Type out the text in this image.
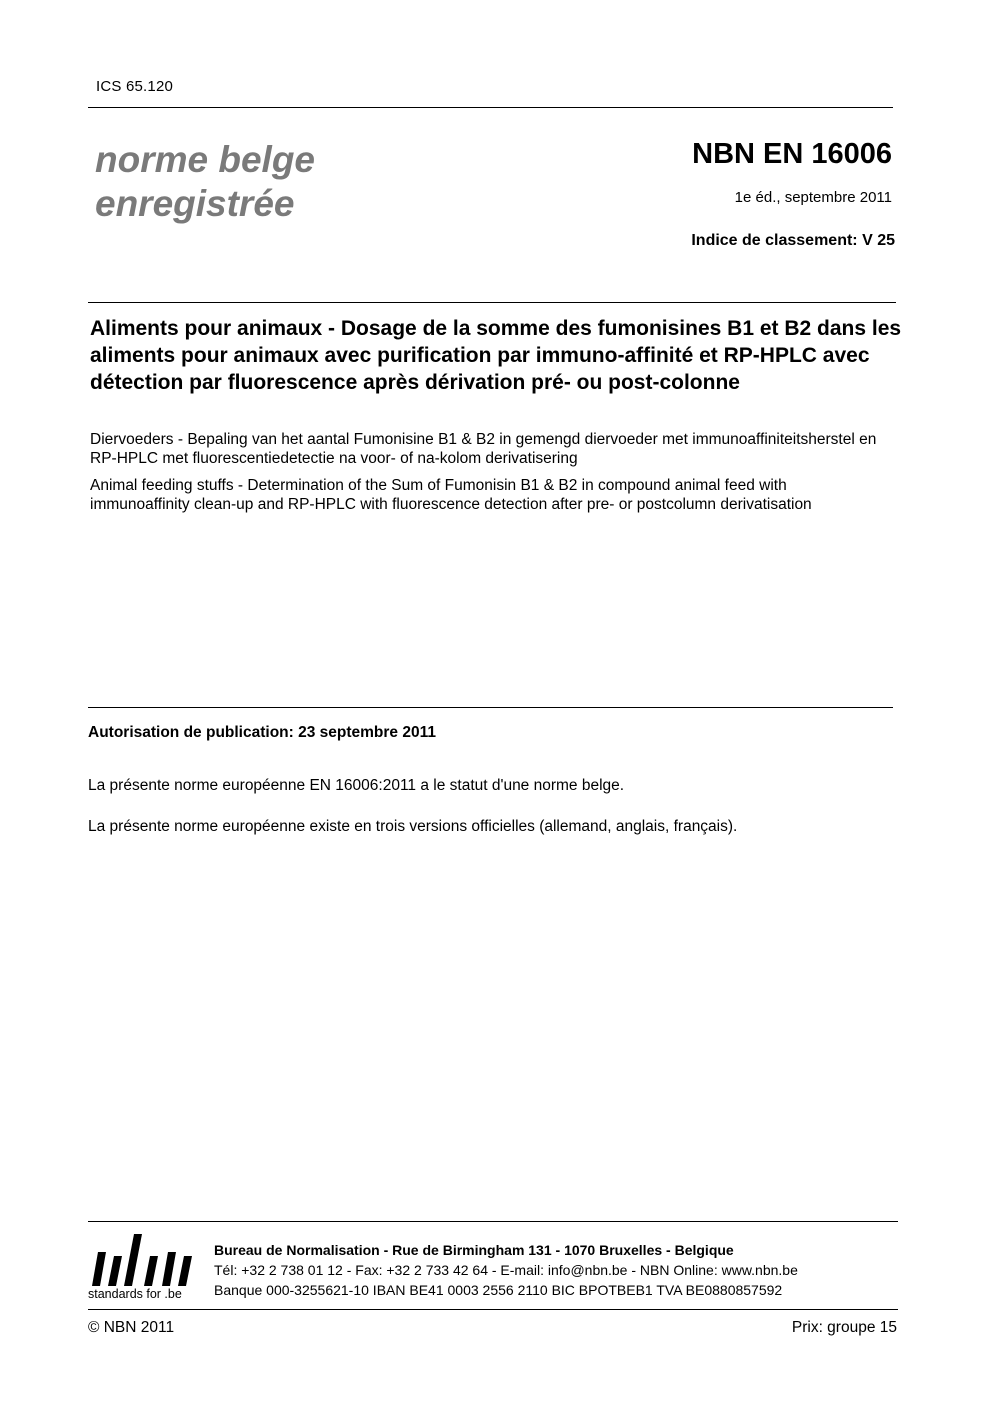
ICS 65.120
norme belge
enregistrée
NBN EN 16006
1e éd., septembre 2011
Indice de classement: V 25
Aliments pour animaux - Dosage de la somme des fumonisines B1 et B2 dans les aliments pour animaux avec purification par immuno-affinité et RP-HPLC avec détection par fluorescence après dérivation pré- ou post-colonne
Diervoeders - Bepaling van het aantal Fumonisine B1 & B2 in gemengd diervoeder met immunoaffiniteitsherstel en RP-HPLC met fluorescentiedetectie na voor- of na-kolom derivatisering
Animal feeding stuffs - Determination of the Sum of Fumonisin B1 & B2 in compound animal feed with immunoaffinity clean-up and RP-HPLC with fluorescence detection after pre- or postcolumn derivatisation
Autorisation de publication: 23 septembre 2011
La présente norme européenne EN 16006:2011 a le statut d'une norme belge.
La présente norme européenne existe en trois versions officielles (allemand, anglais, français).
standards for .be
Bureau de Normalisation - Rue de Birmingham 131 - 1070 Bruxelles - Belgique
Tél: +32 2 738 01 12 - Fax: +32 2 733 42 64 - E-mail: info@nbn.be - NBN Online: www.nbn.be
Banque 000-3255621-10 IBAN BE41 0003 2556 2110 BIC BPOTBEB1 TVA BE0880857592
© NBN 2011	Prix: groupe 15
